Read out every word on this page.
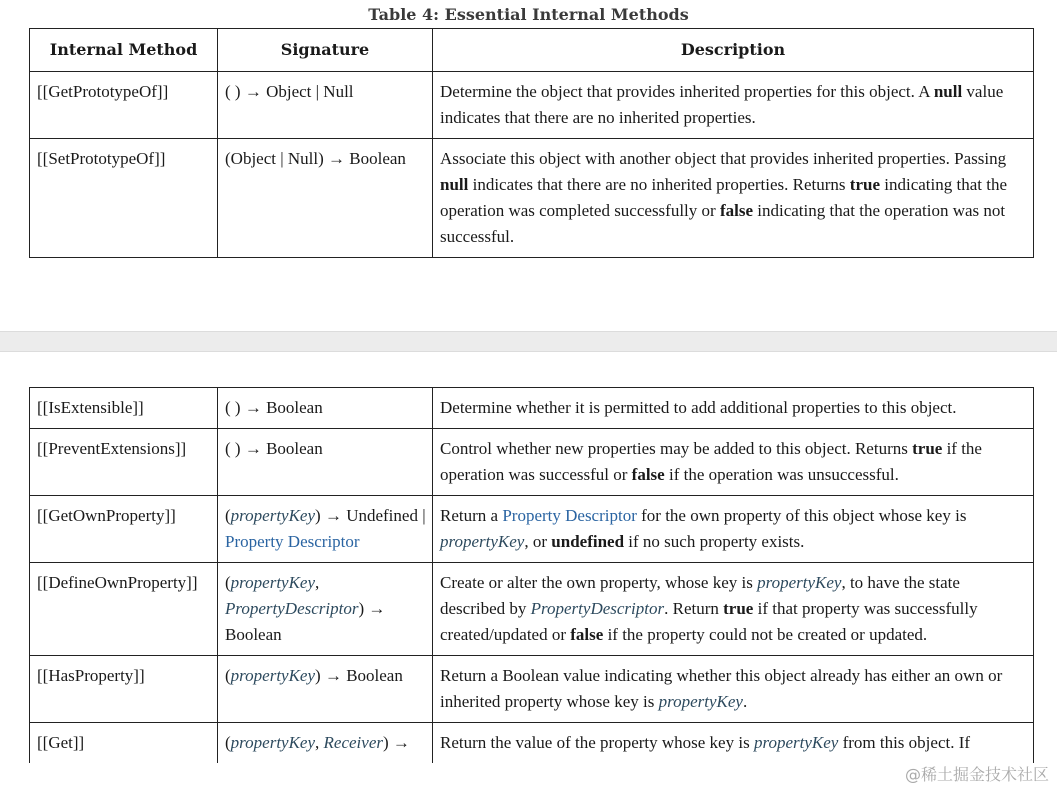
Table 4: Essential Internal Methods
Internal Method	Signature	Description
[[GetPrototypeOf]]	( ) → Object | Null	Determine the object that provides inherited properties for this object. A null value indicates that there are no inherited properties.
[[SetPrototypeOf]]	(Object | Null) → Boolean	Associate this object with another object that provides inherited properties. Passing null indicates that there are no inherited properties. Returns true indicating that the operation was completed successfully or false indicating that the operation was not successful.
[[IsExtensible]]	( ) → Boolean	Determine whether it is permitted to add additional properties to this object.
[[PreventExtensions]]	( ) → Boolean	Control whether new properties may be added to this object. Returns true if the operation was successful or false if the operation was unsuccessful.
[[GetOwnProperty]]	(propertyKey) → Undefined | Property Descriptor	Return a Property Descriptor for the own property of this object whose key is propertyKey, or undefined if no such property exists.
[[DefineOwnProperty]]	(propertyKey, PropertyDescriptor) → Boolean	Create or alter the own property, whose key is propertyKey, to have the state described by PropertyDescriptor. Return true if that property was successfully created/updated or false if the property could not be created or updated.
[[HasProperty]]	(propertyKey) → Boolean	Return a Boolean value indicating whether this object already has either an own or inherited property whose key is propertyKey.
[[Get]]	(propertyKey, Receiver) →	Return the value of the property whose key is propertyKey from this object. If
@稀土掘金技术社区
